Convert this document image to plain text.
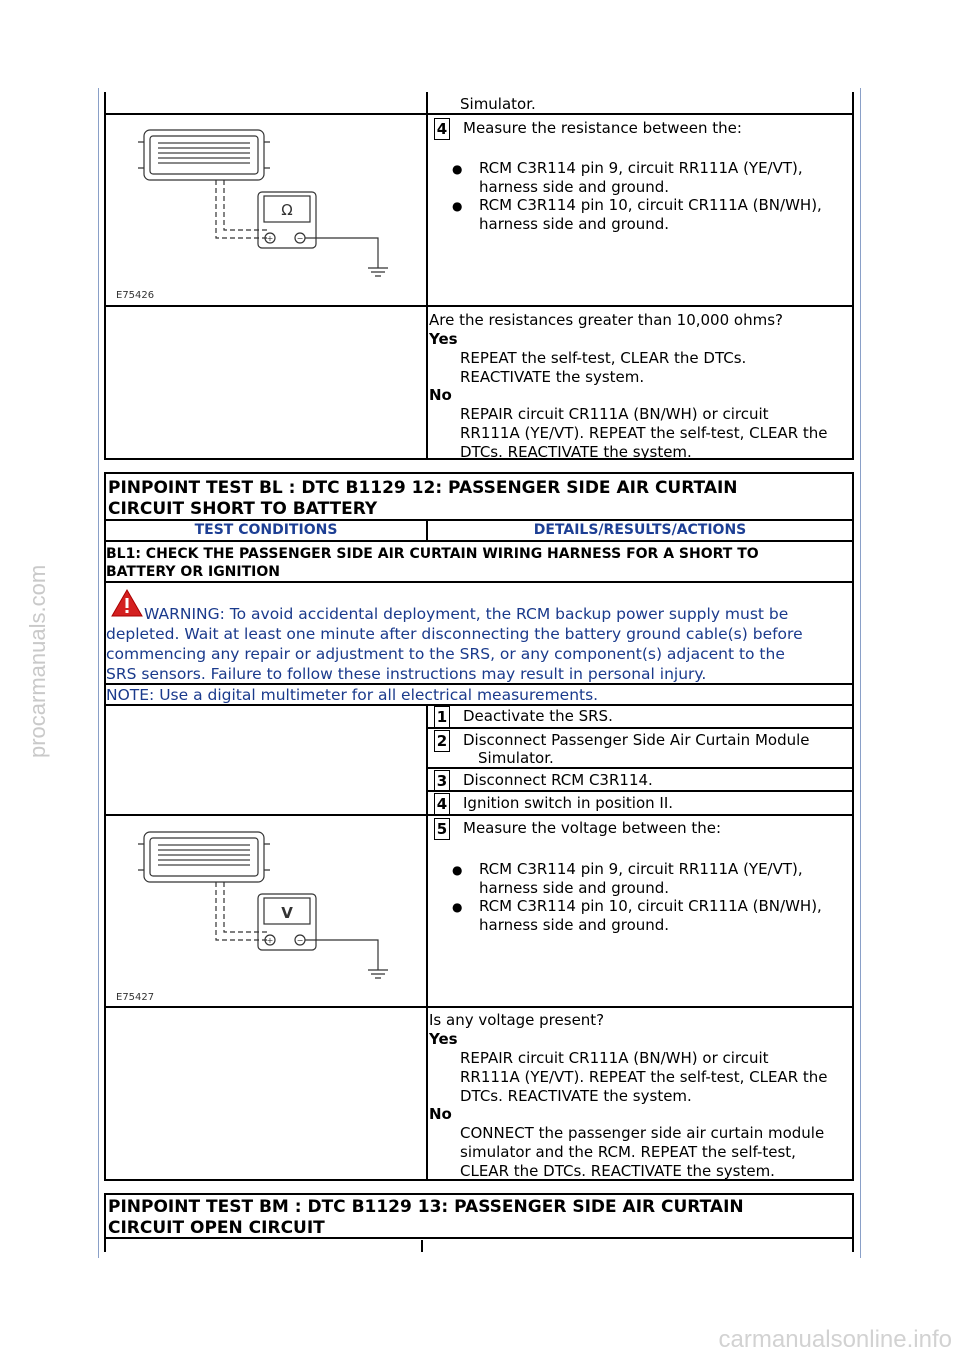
procarmanuals.com
carmanualsonline.info
Simulator.
4 Measure the resistance between the:
● RCM C3R114 pin 9, circuit RR111A (YE/VT),
harness side and ground.
● RCM C3R114 pin 10, circuit CR111A (BN/WH),
harness side and ground.
Ω
+	−
E75426
Are the resistances greater than 10,000 ohms?
Yes
REPEAT the self-test, CLEAR the DTCs.
REACTIVATE the system.
No
REPAIR circuit CR111A (BN/WH) or circuit
RR111A (YE/VT). REPEAT the self-test, CLEAR the
DTCs. REACTIVATE the system.
PINPOINT TEST BL : DTC B1129 12: PASSENGER SIDE AIR CURTAIN
CIRCUIT SHORT TO BATTERY
TEST CONDITIONS	DETAILS/RESULTS/ACTIONS
BL1: CHECK THE PASSENGER SIDE AIR CURTAIN WIRING HARNESS FOR A SHORT TO
BATTERY OR IGNITION
WARNING: To avoid accidental deployment, the RCM backup power supply must be
depleted. Wait at least one minute after disconnecting the battery ground cable(s) before
commencing any repair or adjustment to the SRS, or any component(s) adjacent to the
SRS sensors. Failure to follow these instructions may result in personal injury.
NOTE: Use a digital multimeter for all electrical measurements.
1 Deactivate the SRS.
2 Disconnect Passenger Side Air Curtain Module
Simulator.
3 Disconnect RCM C3R114.
4 Ignition switch in position II.
5 Measure the voltage between the:
● RCM C3R114 pin 9, circuit RR111A (YE/VT),
harness side and ground.
● RCM C3R114 pin 10, circuit CR111A (BN/WH),
harness side and ground.
V
+	−
E75427
Is any voltage present?
Yes
REPAIR circuit CR111A (BN/WH) or circuit
RR111A (YE/VT). REPEAT the self-test, CLEAR the
DTCs. REACTIVATE the system.
No
CONNECT the passenger side air curtain module
simulator and the RCM. REPEAT the self-test,
CLEAR the DTCs. REACTIVATE the system.
PINPOINT TEST BM : DTC B1129 13: PASSENGER SIDE AIR CURTAIN
CIRCUIT OPEN CIRCUIT
